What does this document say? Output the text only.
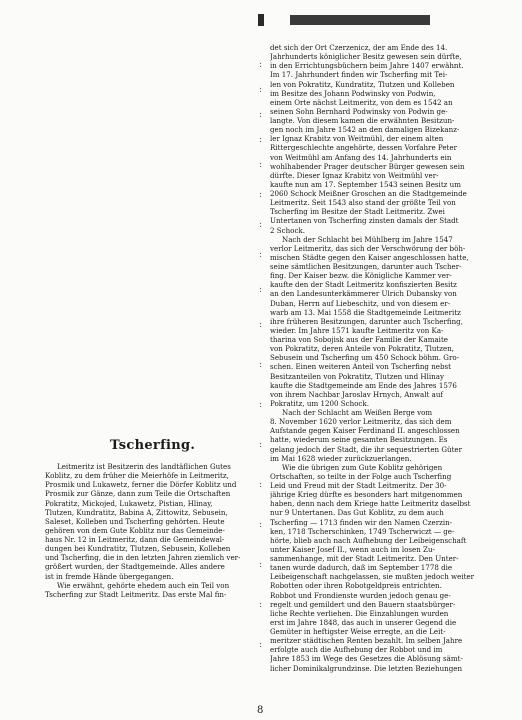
:
:
:
:
:
:
:
:
:
:
:
:
:
:
:
:
:
:
det sich der Ort Czerzenicz, der am Ende des 14.
Jahrhunderts königlicher Besitz gewesen sein dürfte,
in den Errichtungsbüchern beim Jahre 1407 erwähnt.
Im 17. Jahrhundert finden wir Tscherfing mit Tei-
len von Pokratitz, Kundratitz, Tlutzen und Kolleben
im Besitze des Johann Podwinsky von Podwin,
einem Orte nächst Leitmeritz, von dem es 1542 an
seinen Sohn Bernhard Podwinsky von Podwin ge-
langte. Von diesem kamen die erwähnten Besitzun-
gen noch im Jahre 1542 an den damaligen Bizekanz-
ler Ignaz Krabitz von Weitmühl, der einem alten
Rittergeschlechte angehörte, dessen Vorfahre Peter
von Weitmühl am Anfang des 14. Jahrhunderts ein
wohlhabender Prager deutscher Bürger gewesen sein
dürfte. Dieser Ignaz Krabitz von Weitmühl ver-
kaufte nun am 17. September 1543 seinen Besitz um
2060 Schock Meißner Groschen an die Stadtgemeinde
Leitmeritz. Seit 1543 also stand der größte Teil von
Tscherfing im Besitze der Stadt Leitmeritz. Zwei
Untertanen von Tscherfing zinsten damals der Stadt
2 Schock.
Nach der Schlacht bei Mühlberg im Jahre 1547
verlor Leitmeritz, das sich der Verschwörung der böh-
mischen Städte gegen den Kaiser angeschlossen hatte,
seine sämtlichen Besitzungen, darunter auch Tscher-
fing. Der Kaiser bezw. die Königliche Kammer ver-
kaufte den der Stadt Leitmeritz konfiszierten Besitz
an den Landesunterkämmerer Ulrich Dubansky von
Duban, Herrn auf Liebeschitz, und von diesem er-
warb am 13. Mai 1558 die Stadtgemeinde Leitmeritz
ihre früheren Besitzungen, darunter auch Tscherfing,
wieder. Im Jahre 1571 kaufte Leitmeritz von Ka-
tharina von Sobojisk aus der Familie der Kamaite
von Pokratitz, deren Anteile von Pokratitz, Tlutzen,
Sebusein und Tscherfing um 450 Schock böhm. Gro-
schen. Einen weiteren Anteil von Tscherfing nebst
Besitzanteilen von Pokratitz, Tlutzen und Hlinay
kaufte die Stadtgemeinde am Ende des Jahres 1576
von ihrem Nachbar Jaroslav Hrnych, Anwalt auf
Pokratitz, um 1200 Schock.
Nach der Schlacht am Weißen Berge vom
8. November 1620 verlor Leitmeritz, das sich dem
Aufstande gegen Kaiser Ferdinand II. angeschlossen
hatte, wiederum seine gesamten Besitzungen. Es
gelang jedoch der Stadt, die ihr sequestrierten Güter
im Mai 1628 wieder zurückzuerlangen.
Wie die übrigen zum Gute Koblitz gehörigen
Ortschaften, so teilte in der Folge auch Tscherfing
Leid und Freud mit der Stadt Leitmeritz. Der 30-
jährige Krieg dürfte es besonders hart mitgenommen
haben, denn nach dem Kriege hatte Leitmeritz daselbst
nur 9 Untertanen. Das Gut Koblitz, zu dem auch
Tscherfing — 1713 finden wir den Namen Czerzin-
ken, 1718 Tscherschinken, 1749 Tscherwiczt — ge-
hörte, blieb auch nach Aufhebung der Leibeigenschaft
unter Kaiser Josef II., wenn auch im losen Zu-
sammenhange, mit der Stadt Leitmeritz. Den Unter-
tanen wurde dadurch, daß im September 1778 die
Leibeigenschaft nachgelassen, sie mußten jedoch weiter
Robotten oder ihren Robotgeldpreis entrichten.
Robbot und Frondienste wurden jedoch genau ge-
regelt und gemildert und den Bauern staatsbürger-
liche Rechte verliehen. Die Einzahlungen wurden
erst im Jahre 1848, das auch in unserer Gegend die
Gemüter in heftigster Weise erregte, an die Leit-
meritzer städtischen Renten bezahlt. Im selben Jahre
erfolgte auch die Aufhebung der Robbot und im
Jahre 1853 im Wege des Gesetzes die Ablösung sämt-
licher Dominikalgrundzinse. Die letzten Beziehungen
Tscherfing.
Leitmeritz ist Besitzerin des landtäflichen Gutes
Koblitz, zu dem früher die Meierhöfe in Leitmeritz,
Prosmik und Lukawetz, ferner die Dörfer Koblitz und
Prosmik zur Gänze, dann zum Teile die Ortschaften
Pokratitz, Mickojed, Lukawetz, Pistian, Hlinay,
Tlutzen, Kundratitz, Babina A, Zittowitz, Sebusein,
Saleset, Kolleben und Tscherfing gehörten. Heute
gehören von dem Gute Koblitz nur das Gemeinde-
haus Nr. 12 in Leitmeritz, dann die Gemeindewal-
dungen bei Kundratitz, Tlutzen, Sebusein, Kolleben
und Tscherfing, die in den letzten Jahren ziemlich ver-
größert wurden, der Stadtgemeinde. Alles andere
ist in fremde Hände übergegangen.
Wie erwähnt, gehörte ehedem auch ein Teil von
Tscherfing zur Stadt Leitmeritz. Das erste Mal fin-
8
